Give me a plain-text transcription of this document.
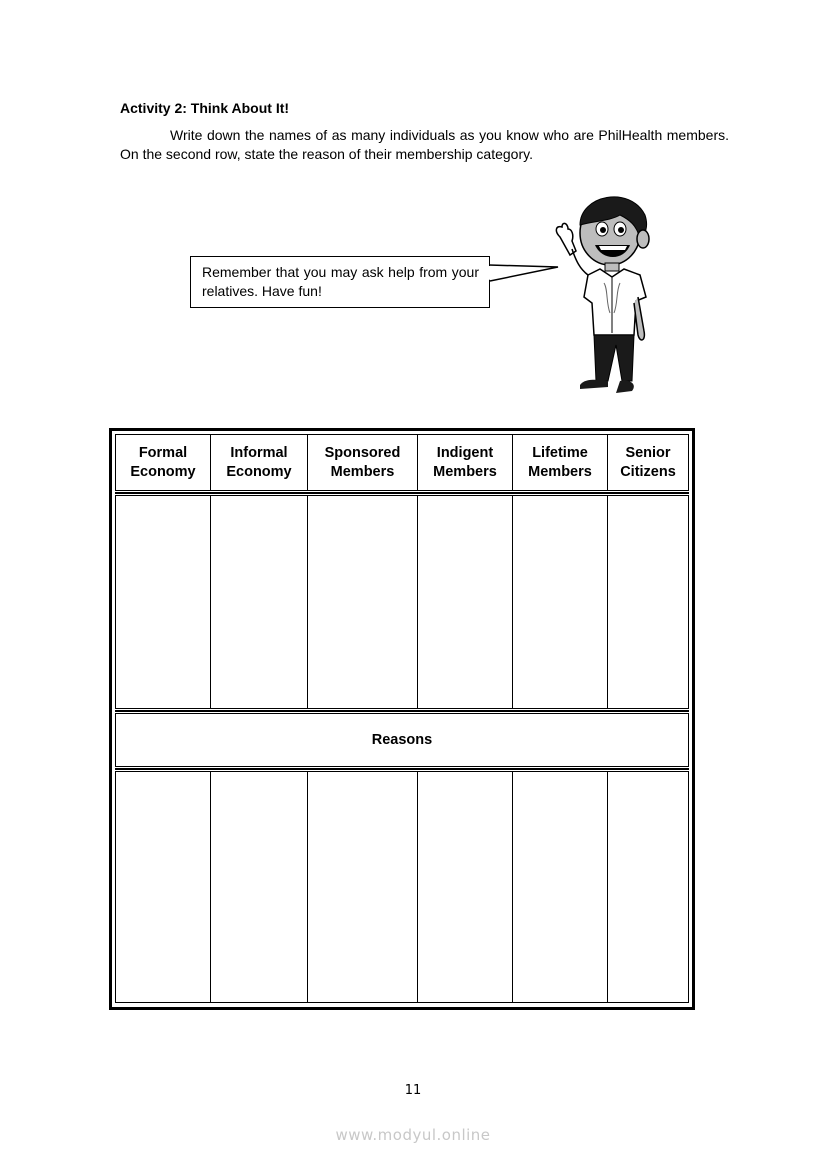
Activity 2: Think About It!
Write down the names of as many individuals as you know who are PhilHealth members. On the second row, state the reason of their membership category.
Remember that you may ask help from your relatives. Have fun!
Formal Economy
Informal Economy
Sponsored Members
Indigent Members
Lifetime Members
Senior Citizens
Reasons
11
www.modyul.online
